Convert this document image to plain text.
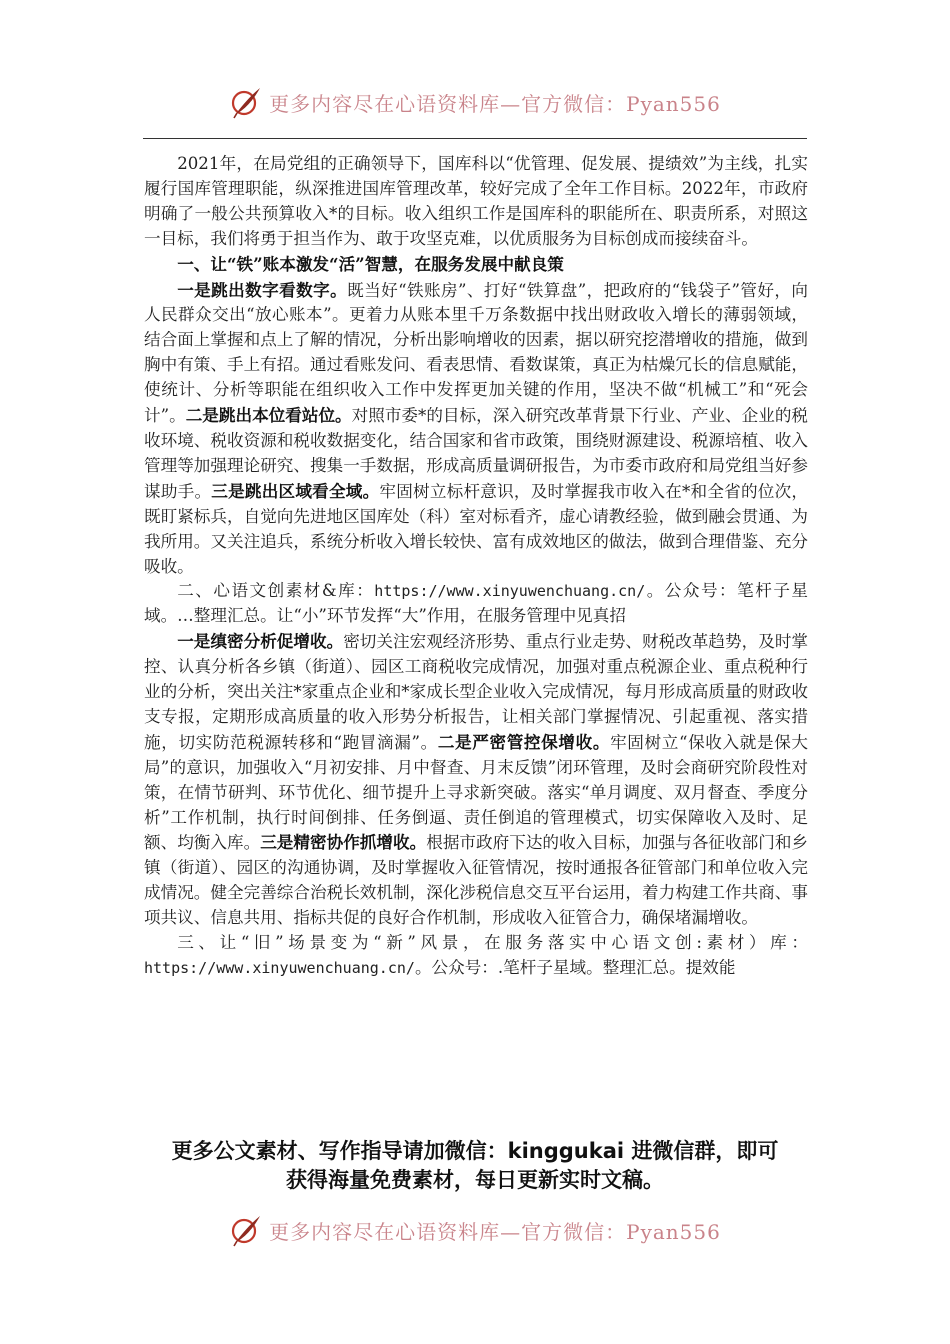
更多内容尽在心语资料库—官方微信：Pyan556

2021年，在局党组的正确领导下，国库科以“优管理、促发展、提绩效”为主线，扎实履行国库管理职能，纵深推进国库管理改革，较好完成了全年工作目标。2022年，市政府明确了一般公共预算收入*的目标。收入组织工作是国库科的职能所在、职责所系，对照这一目标，我们将勇于担当作为、敢于攻坚克难，以优质服务为目标创成而接续奋斗。

一、让“铁”账本激发“活”智慧，在服务发展中献良策

一是跳出数字看数字。既当好“铁账房”、打好“铁算盘”，把政府的“钱袋子”管好，向人民群众交出“放心账本”。更着力从账本里千万条数据中找出财政收入增长的薄弱领域，结合面上掌握和点上了解的情况，分析出影响增收的因素，据以研究挖潜增收的措施，做到胸中有策、手上有招。通过看账发问、看表思情、看数谋策，真正为枯燥冗长的信息赋能，使统计、分析等职能在组织收入工作中发挥更加关键的作用，坚决不做“机械工”和“死会计”。二是跳出本位看站位。对照市委*的目标，深入研究改革背景下行业、产业、企业的税收环境、税收资源和税收数据变化，结合国家和省市政策，围绕财源建设、税源培植、收入管理等加强理论研究、搜集一手数据，形成高质量调研报告，为市委市政府和局党组当好参谋助手。三是跳出区域看全域。牢固树立标杆意识，及时掌握我市收入在*和全省的位次，既盯紧标兵，自觉向先进地区国库处（科）室对标看齐，虚心请教经验，做到融会贯通、为我所用。又关注追兵，系统分析收入增长较快、富有成效地区的做法，做到合理借鉴、充分吸收。

二、心语文创素材&库：https://www.xinyuwenchuang.cn/。公众号：笔杆子星域。…整理汇总。让“小”环节发挥“大”作用，在服务管理中见真招

一是缜密分析促增收。密切关注宏观经济形势、重点行业走势、财税改革趋势，及时掌控、认真分析各乡镇（街道）、园区工商税收完成情况，加强对重点税源企业、重点税种行业的分析，突出关注*家重点企业和*家成长型企业收入完成情况，每月形成高质量的财政收支专报，定期形成高质量的收入形势分析报告，让相关部门掌握情况、引起重视、落实措施，切实防范税源转移和“跑冒滴漏”。二是严密管控保增收。牢固树立“保收入就是保大局”的意识，加强收入“月初安排、月中督查、月末反馈”闭环管理，及时会商研究阶段性对策，在情节研判、环节优化、细节提升上寻求新突破。落实“单月调度、双月督查、季度分析”工作机制，执行时间倒排、任务倒逼、责任倒追的管理模式，切实保障收入及时、足额、均衡入库。三是精密协作抓增收。根据市政府下达的收入目标，加强与各征收部门和乡镇（街道）、园区的沟通协调，及时掌握收入征管情况，按时通报各征管部门和单位收入完成情况。健全完善综合治税长效机制，深化涉税信息交互平台运用，着力构建工作共商、事项共议、信息共用、指标共促的良好合作机制，形成收入征管合力，确保堵漏增收。

三、让“旧”场景变为“新”风景，在服务落实中心语文创:素材）库：https://www.xinyuwenchuang.cn/。公众号：.笔杆子星域。整理汇总。提效能

更多公文素材、写作指导请加微信：kinggukai 进微信群，即可
获得海量免费素材，每日更新实时文稿。
更多内容尽在心语资料库—官方微信：Pyan556
